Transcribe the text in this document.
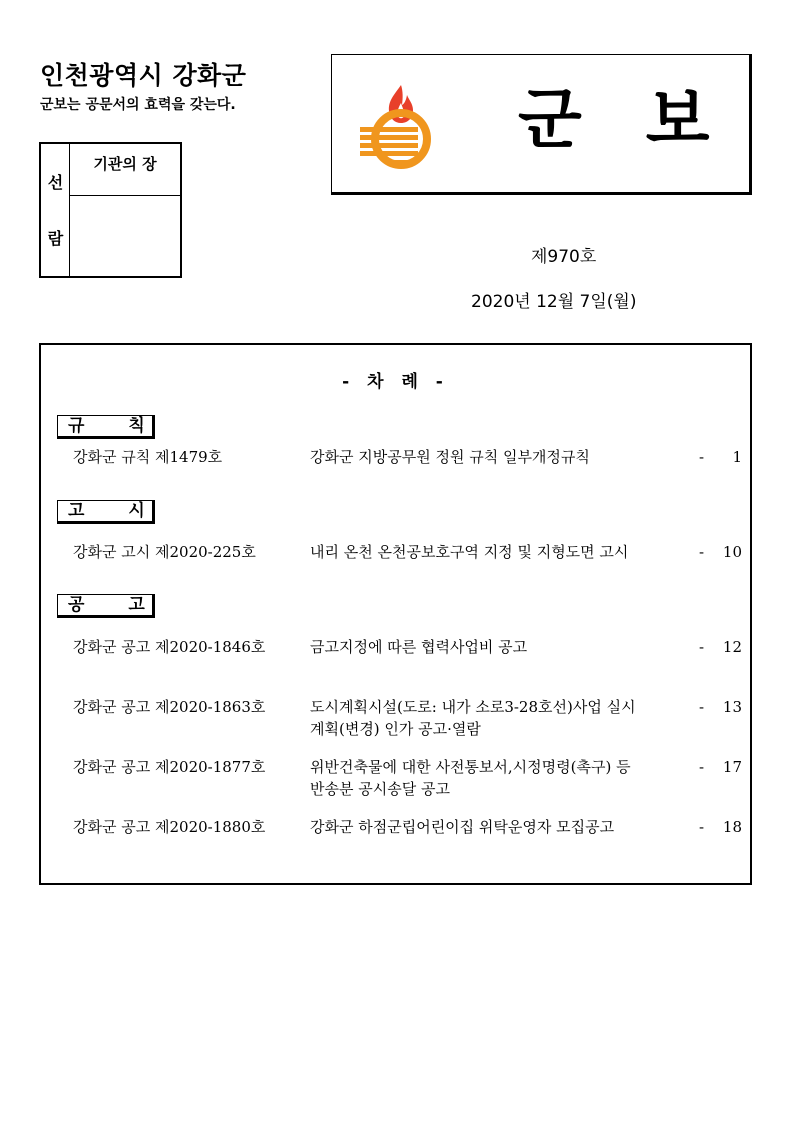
인천광역시 강화군
군보는 공문서의 효력을 갖는다.
선
람
기관의 장
군보
제970호
2020년 12월 7일(월)
- 차 례 -
규칙
강화군 규칙 제1479호	강화군 지방공무원 정원 규칙 일부개정규칙	- 1
고시
강화군 고시 제2020-225호	내리 온천 온천공보호구역 지정 및 지형도면 고시	- 10
공고
강화군 공고 제2020-1846호	금고지정에 따른 협력사업비 공고	- 12
강화군 공고 제2020-1863호	도시계획시설(도로: 내가 소로3-28호선)사업 실시	- 13
계획(변경) 인가 공고·열람
강화군 공고 제2020-1877호	위반건축물에 대한 사전통보서,시정명령(촉구) 등	- 17
반송분 공시송달 공고
강화군 공고 제2020-1880호	강화군 하점군립어린이집 위탁운영자 모집공고	- 18
